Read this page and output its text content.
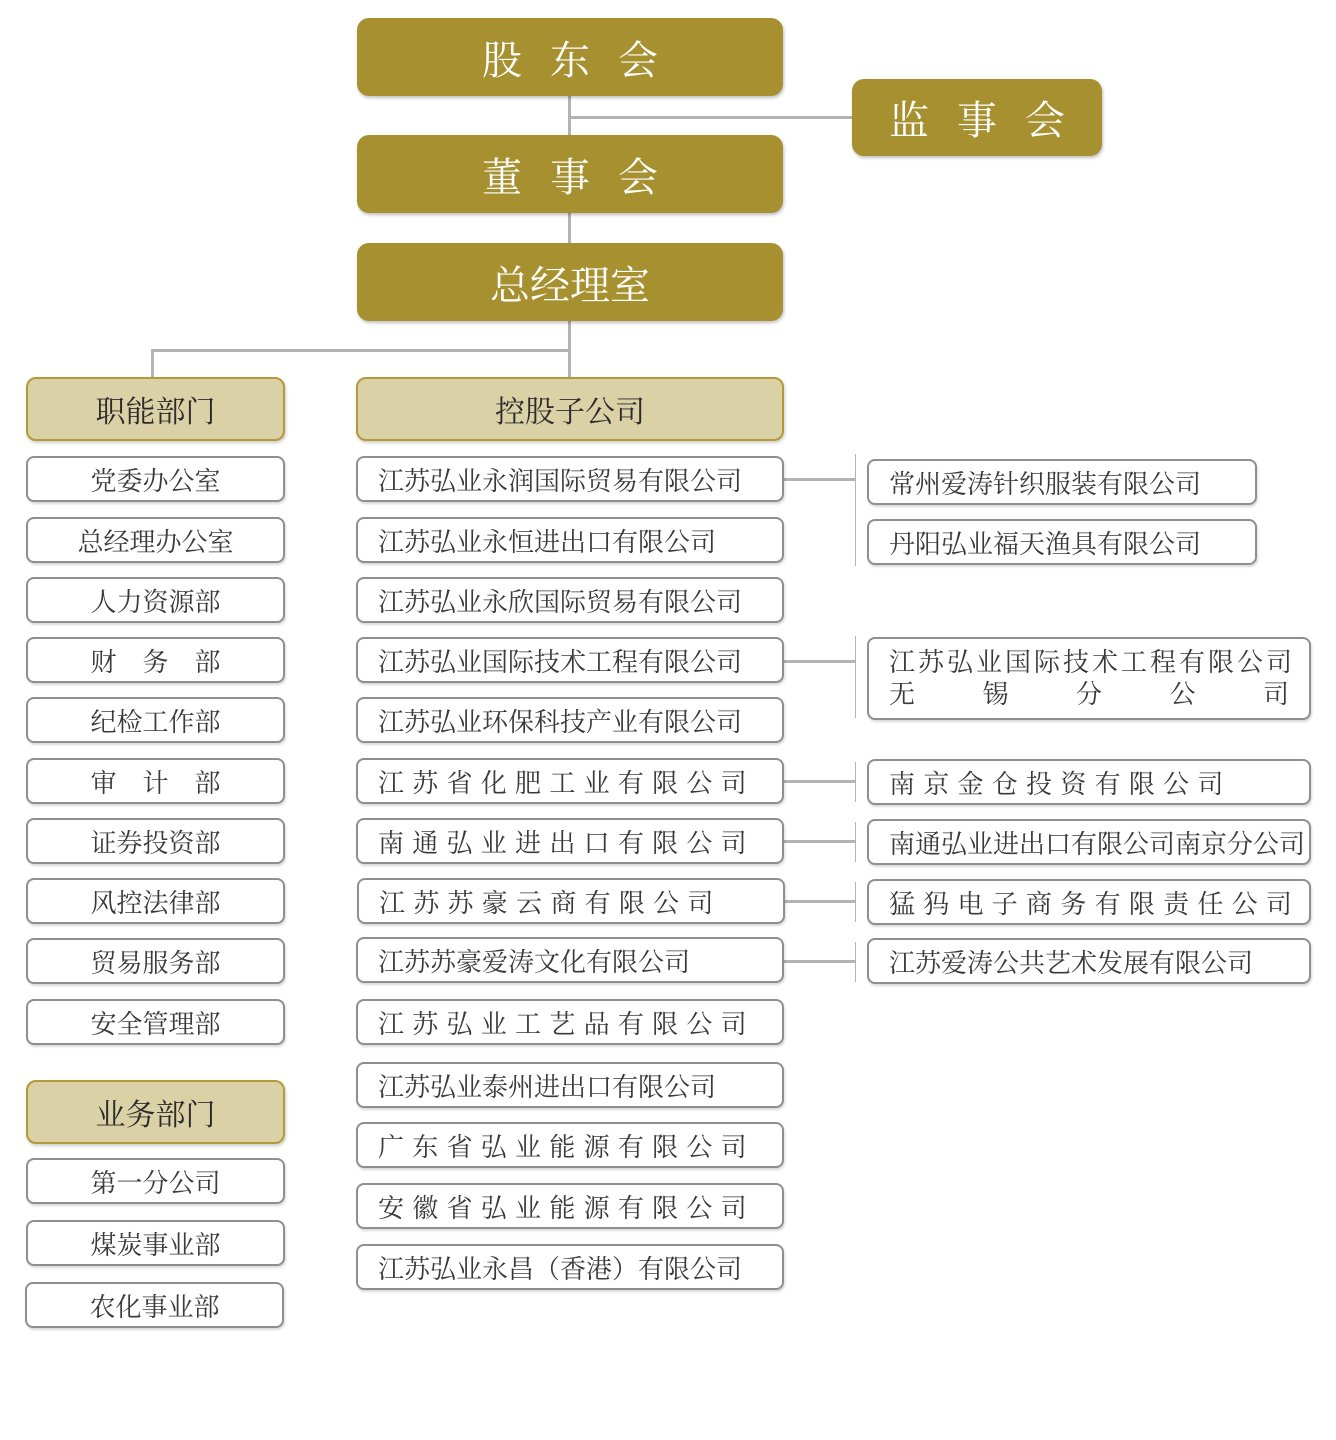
股东会
监事会
董事会
总经理室
职能部门	控股子公司
业务部门
党委办公室
总经理办公室
人力资源部
财　务　部
纪检工作部
审　计　部
证券投资部
风控法律部
贸易服务部
安全管理部
第一分公司
煤炭事业部
农化事业部
江苏弘业永润国际贸易有限公司
江苏弘业永恒进出口有限公司
江苏弘业永欣国际贸易有限公司
江苏弘业国际技术工程有限公司
江苏弘业环保科技产业有限公司
江 苏 省 化 肥 工 业 有 限 公 司
南 通 弘 业 进 出 口 有 限 公 司
江 苏 苏 豪 云 商 有 限 公 司
江苏苏豪爱涛文化有限公司
江 苏 弘 业 工 艺 品 有 限 公 司
江苏弘业泰州进出口有限公司
广 东 省 弘 业 能 源 有 限 公 司
安 徽 省 弘 业 能 源 有 限 公 司
江苏弘业永昌（香港）有限公司
常州爱涛针织服装有限公司
丹阳弘业福天渔具有限公司
江苏弘业国际技术工程有限公司
无 锡 分 公 司
南 京 金 仓 投 资 有 限 公 司
南通弘业进出口有限公司南京分公司
猛 犸 电 子 商 务 有 限 责 任 公 司
江苏爱涛公共艺术发展有限公司
